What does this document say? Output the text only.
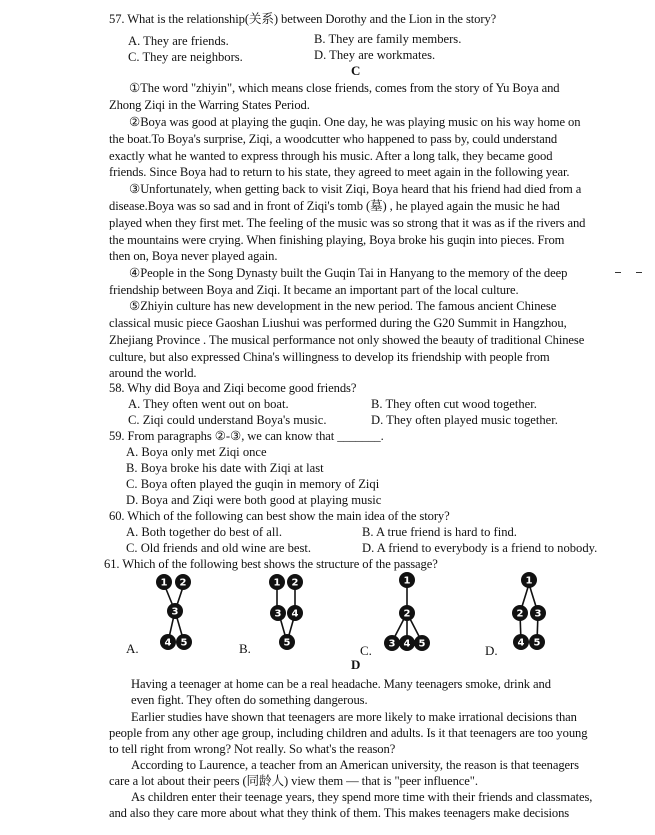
57. What is the relationship(关系) between Dorothy and the Lion in the story?
A. They are friends.	B. They are family members.
C. They are neighbors.	D. They are workmates.
C
①The word "zhiyin", which means close friends, comes from the story of Yu Boya and
Zhong Ziqi in the Warring States Period.
②Boya was good at playing the guqin. One day, he was playing music on his way home on
the boat.To Boya's surprise, Ziqi, a woodcutter who happened to pass by, could understand
exactly what he wanted to express through his music. After a long talk, they became good
friends. Since Boya had to return to his state, they agreed to meet again in the following year.
③Unfortunately, when getting back to visit Ziqi, Boya heard that his friend had died from a
disease.Boya was so sad and in front of Ziqi's tomb (墓) , he played again the music he had
played when they first met. The feeling of the music was so strong that it was as if the rivers and
the mountains were crying. When finishing playing, Boya broke his guqin into pieces. From
then on, Boya never played again.
④People in the Song Dynasty built the Guqin Tai in Hanyang to the memory of the deep
friendship between Boya and Ziqi. It became an important part of the local culture.
⑤Zhiyin culture has new development in the new period. The famous ancient Chinese
classical music piece Gaoshan Liushui was performed during the G20 Summit in Hangzhou,
Zhejiang Province . The musical performance not only showed the beauty of traditional Chinese
culture, but also expressed China's willingness to develop its friendship with people from
around the world.
58. Why did Boya and Ziqi become good friends?
A. They often went out on boat.	B. They often cut wood together.
C. Ziqi could understand Boya's music.	D. They often played music together.
59. From paragraphs ②-③, we can know that _______.
A. Boya only met Ziqi once
B. Boya broke his date with Ziqi at last
C. Boya often played the guqin in memory of Ziqi
D. Boya and Ziqi were both good at playing music
60. Which of the following can best show the main idea of the story?
A. Both together do best of all.	B. A true friend is hard to find.
C. Old friends and old wine are best.	D. A friend to everybody is a friend to nobody.
61. Which of the following best shows the structure of the passage?
1 2
3
4 5
A.
1 2
3 4
5
B.
1
2
3 4 5
C.
1
2 3
4 5
D.
D
Having a teenager at home can be a real headache. Many teenagers smoke, drink and
even fight. They often do something dangerous.
Earlier studies have shown that teenagers are more likely to make irrational decisions than
people from any other age group, including children and adults. Is it that teenagers are too young
to tell right from wrong? Not really. So what's the reason?
According to Laurence, a teacher from an American university, the reason is that teenagers
care a lot about their peers (同龄人) view them — that is "peer influence".
As children enter their teenage years, they spend more time with their friends and classmates,
and also they care more about what they think of them. This makes teenagers make decisions
